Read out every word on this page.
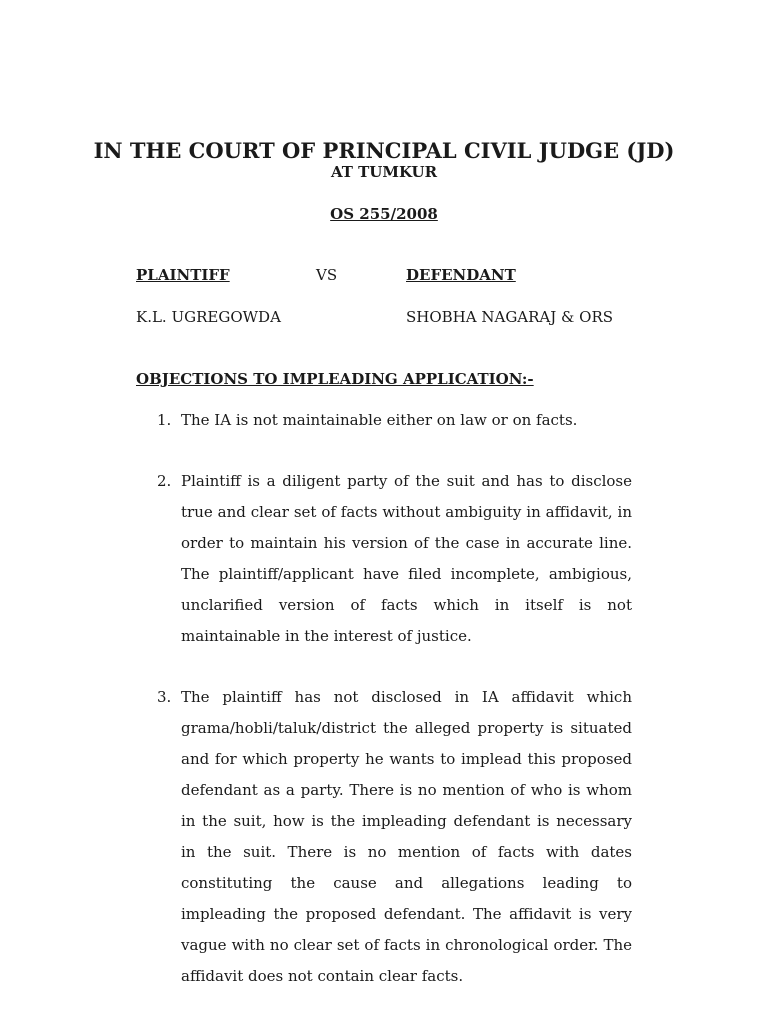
IN THE COURT OF PRINCIPAL CIVIL JUDGE (JD)
AT TUMKUR
OS 255/2008
PLAINTIFF	VS	DEFENDANT
K.L. UGREGOWDA	SHOBHA NAGARAJ & ORS
OBJECTIONS TO IMPLEADING APPLICATION:-
1. The IA is not maintainable either on law or on facts.
2. Plaintiff is a diligent party of the suit and has to disclose true and clear set of facts without ambiguity in affidavit, in order to maintain his version of the case in accurate line. The plaintiff/applicant have filed incomplete, ambigious, unclarified version of facts which in itself is not maintainable in the interest of justice.
3. The plaintiff has not disclosed in IA affidavit which grama/hobli/taluk/district the alleged property is situated and for which property he wants to implead this proposed defendant as a party. There is no mention of who is whom in the suit, how is the impleading defendant is necessary in the suit. There is no mention of facts with dates constituting the cause and allegations leading to impleading the proposed defendant. The affidavit is very vague with no clear set of facts in chronological order. The affidavit does not contain clear facts.
